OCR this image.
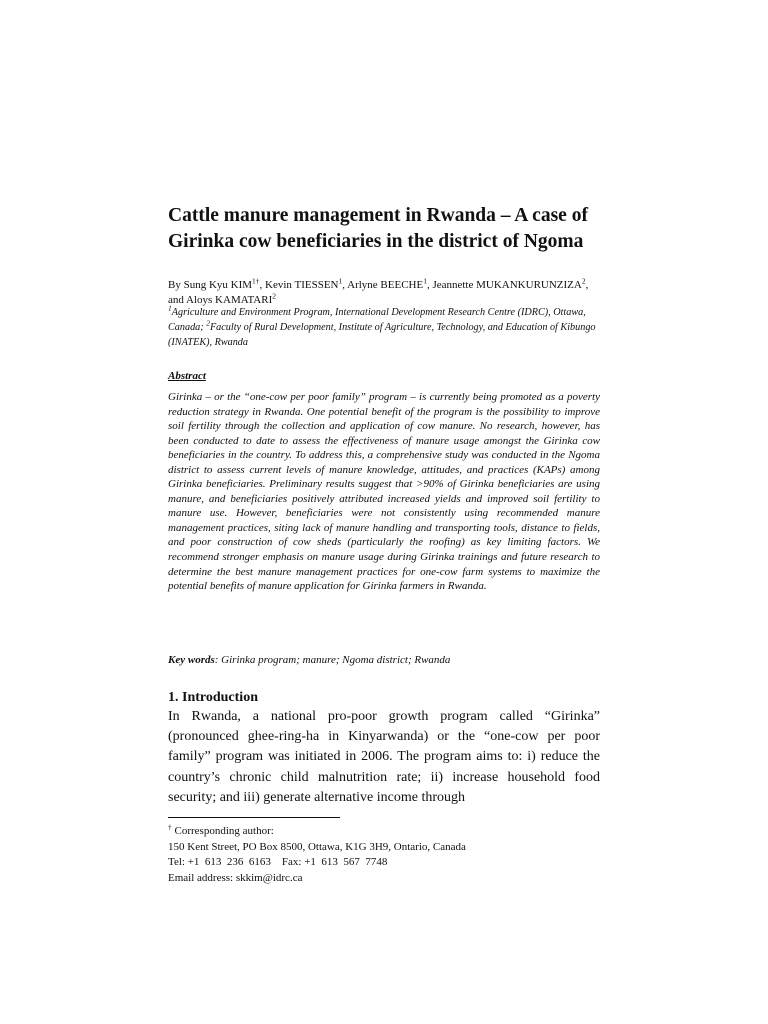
Cattle manure management in Rwanda – A case of Girinka cow beneficiaries in the district of Ngoma
By Sung Kyu $KIM^{1\dagger}$, Kevin TIESSEN$^1$, Arlyne BEECHE$^1$, Jeannette MUKANKURUNZIZA$^2$, and Aloys KAMATARI$^2$
$^1$Agriculture and Environment Program, International Development Research Centre (IDRC), Ottawa, Canada; $^2$Faculty of Rural Development, Institute of Agriculture, Technology, and Education of Kibungo (INATEK), Rwanda
Abstract

Girinka – or the “one-cow per poor family” program – is currently being promoted as a poverty reduction strategy in Rwanda. One potential benefit of the program is the possibility to improve soil fertility through the collection and application of cow manure. No research, however, has been conducted to date to assess the effectiveness of manure usage amongst the Girinka cow beneficiaries in the country. To address this, a comprehensive study was conducted in the Ngoma district to assess current levels of manure knowledge, attitudes, and practices (KAPs) among Girinka beneficiaries. Preliminary results suggest that >90% of Girinka beneficiaries are using manure, and beneficiaries positively attributed increased yields and improved soil fertility to manure use. However, beneficiaries were not consistently using recommended manure management practices, siting lack of manure handling and transporting tools, distance to fields, and poor construction of cow sheds (particularly the roofing) as key limiting factors. We recommend stronger emphasis on manure usage during Girinka trainings and future research to determine the best manure management practices for one-cow farm systems to maximize the potential benefits of manure application for Girinka farmers in Rwanda.

Key words: Girinka program; manure; Ngoma district; Rwanda
1. Introduction

In Rwanda, a national pro-poor growth program called “Girinka” (pronounced ghee-ring-ha in Kinyarwanda) or the “one-cow per poor family” program was initiated in 2006. The program aims to: i) reduce the country’s chronic child malnutrition rate; ii) increase household food security; and iii) generate alternative income through

† Corresponding author:
150 Kent Street, PO Box 8500, Ottawa, K1G 3H9, Ontario, Canada
Tel: +1  613  236  6163    Fax: +1  613  567  7748
Email address: skkim@idrc.ca
